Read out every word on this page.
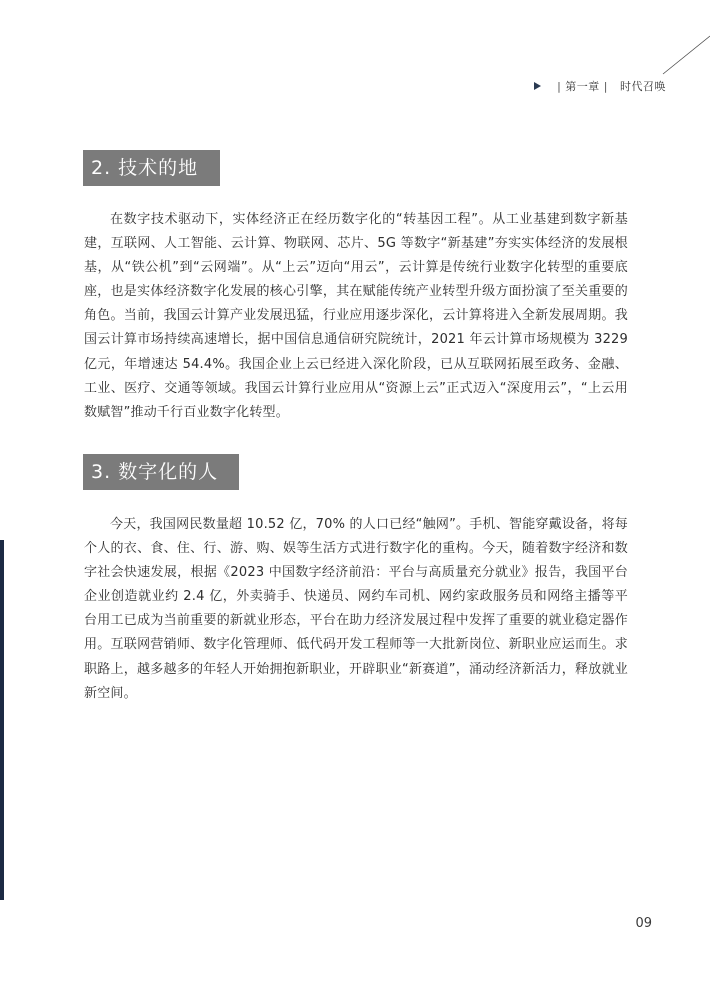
| 第一章 | 时代召唤
2. 技术的地利

在数字技术驱动下，实体经济正在经历数字化的“转基因工程”。从工业基建到数字新基建，互联网、人工智能、云计算、物联网、芯片、5G 等数字“新基建”夯实实体经济的发展根基，从“铁公机”到“云网端”。从“上云”迈向“用云”，云计算是传统行业数字化转型的重要底座，也是实体经济数字化发展的核心引擎，其在赋能传统产业转型升级方面扮演了至关重要的角色。当前，我国云计算产业发展迅猛，行业应用逐步深化，云计算将进入全新发展周期。我国云计算市场持续高速增长，据中国信息通信研究院统计，2021 年云计算市场规模为 3229 亿元，年增速达 54.4%。我国企业上云已经进入深化阶段，已从互联网拓展至政务、金融、工业、医疗、交通等领域。我国云计算行业应用从“资源上云”正式迈入“深度用云”，“上云用数赋智”推动千行百业数字化转型。

3. 数字化的人和

今天，我国网民数量超 10.52 亿，70% 的人口已经“触网”。手机、智能穿戴设备，将每个人的衣、食、住、行、游、购、娱等生活方式进行数字化的重构。今天，随着数字经济和数字社会快速发展，根据《2023 中国数字经济前沿：平台与高质量充分就业》报告，我国平台企业创造就业约 2.4 亿，外卖骑手、快递员、网约车司机、网约家政服务员和网络主播等平台用工已成为当前重要的新就业形态，平台在助力经济发展过程中发挥了重要的就业稳定器作用。互联网营销师、数字化管理师、低代码开发工程师等一大批新岗位、新职业应运而生。求职路上，越多越多的年轻人开始拥抱新职业，开辟职业“新赛道”，涌动经济新活力，释放就业新空间。

09
